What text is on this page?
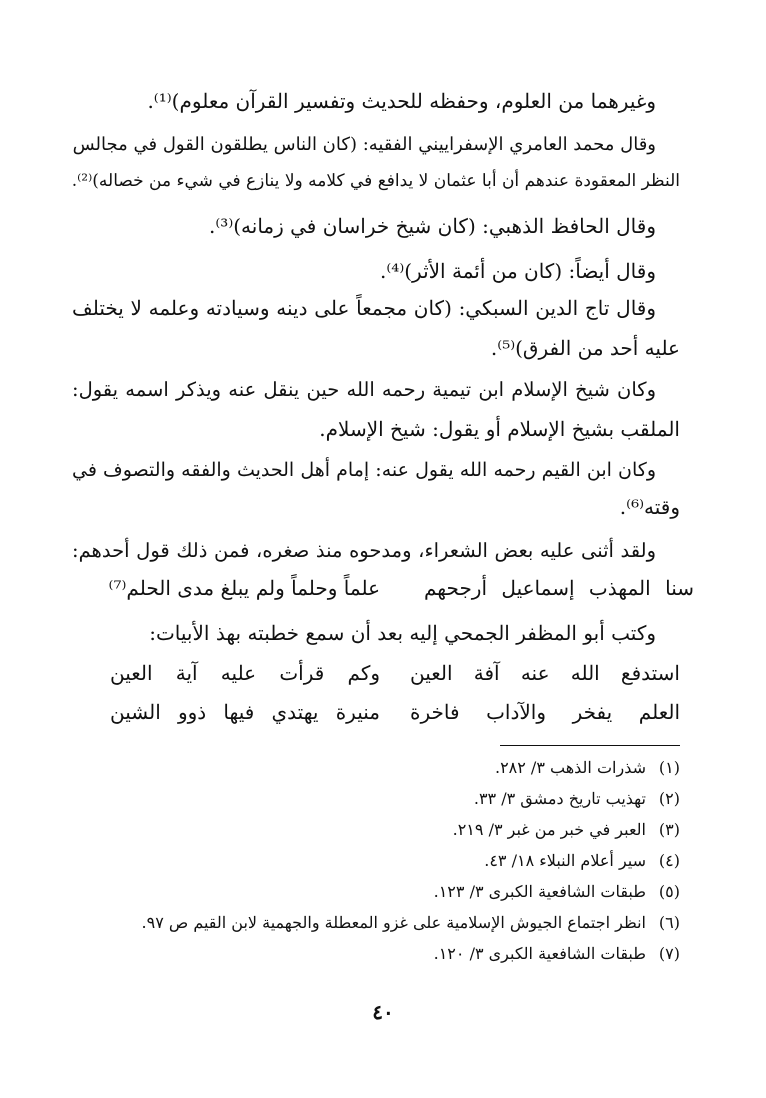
وغيرهما من العلوم، وحفظه للحديث وتفسير القرآن معلوم)⁽¹⁾.
وقال محمد العامري الإسفراييني الفقيه: (كان الناس يطلقون القول في مجالس
النظر المعقودة عندهم أن أبا عثمان لا يدافع في كلامه ولا ينازع في شيء من خصاله)⁽²⁾.
وقال الحافظ الذهبي: (كان شيخ خراسان في زمانه)⁽³⁾.
وقال أيضاً: (كان من أئمة الأثر)⁽⁴⁾.
وقال تاج الدين السبكي: (كان مجمعاً على دينه وسيادته وعلمه لا يختلف
عليه أحد من الفرق)⁽⁵⁾.
وكان شيخ الإسلام ابن تيمية رحمه الله حين ينقل عنه ويذكر اسمه يقول:
الملقب بشيخ الإسلام أو يقول: شيخ الإسلام.
وكان ابن القيم رحمه الله يقول عنه: إمام أهل الحديث والفقه والتصوف في
وقته⁽⁶⁾.
ولقد أثنى عليه بعض الشعراء، ومدحوه منذ صغره، فمن ذلك قول أحدهم:
سنا المهذب إسماعيل أرجحهم
علماً وحلماً ولم يبلغ مدى الحلم⁽⁷⁾
وكتب أبو المظفر الجمحي إليه بعد أن سمع خطبته بهذ الأبيات:
استدفع الله عنه آفة العين
وكم قرأت عليه آية العين
العلم يفخر والآداب فاخرة
منيرة يهتدي فيها ذوو الشين
(١)شذرات الذهب ٣/ ٢٨٢.
(٢)تهذيب تاريخ دمشق ٣/ ٣٣.
(٣)العبر في خبر من غبر ٣/ ٢١٩.
(٤)سير أعلام النبلاء ١٨/ ٤٣.
(٥)طبقات الشافعية الكبرى ٣/ ١٢٣.
(٦)انظر اجتماع الجيوش الإسلامية على غزو المعطلة والجهمية لابن القيم ص ٩٧.
(٧)طبقات الشافعية الكبرى ٣/ ١٢٠.
٤٠
